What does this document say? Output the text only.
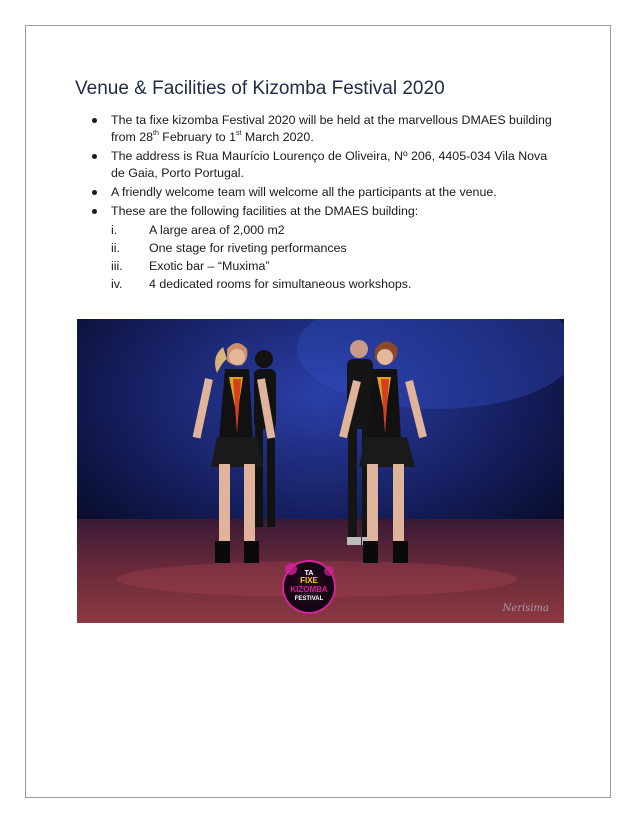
Venue & Facilities of Kizomba Festival 2020
The ta fixe kizomba Festival 2020 will be held at the marvellous DMAES building from 28th February to 1st March 2020.
The address is Rua Maurício Lourenço de Oliveira, Nº 206, 4405-034 Vila Nova de Gaia, Porto Portugal.
A friendly welcome team will welcome all the participants at the venue.
These are the following facilities at the DMAES building:
i.	A large area of 2,000 m2
ii.	One stage for riveting performances
iii.	Exotic bar – “Muxima”
iv.	4 dedicated rooms for simultaneous workshops.
TA
FIXE
KIZOMBA
FESTIVAL
Nerisima
